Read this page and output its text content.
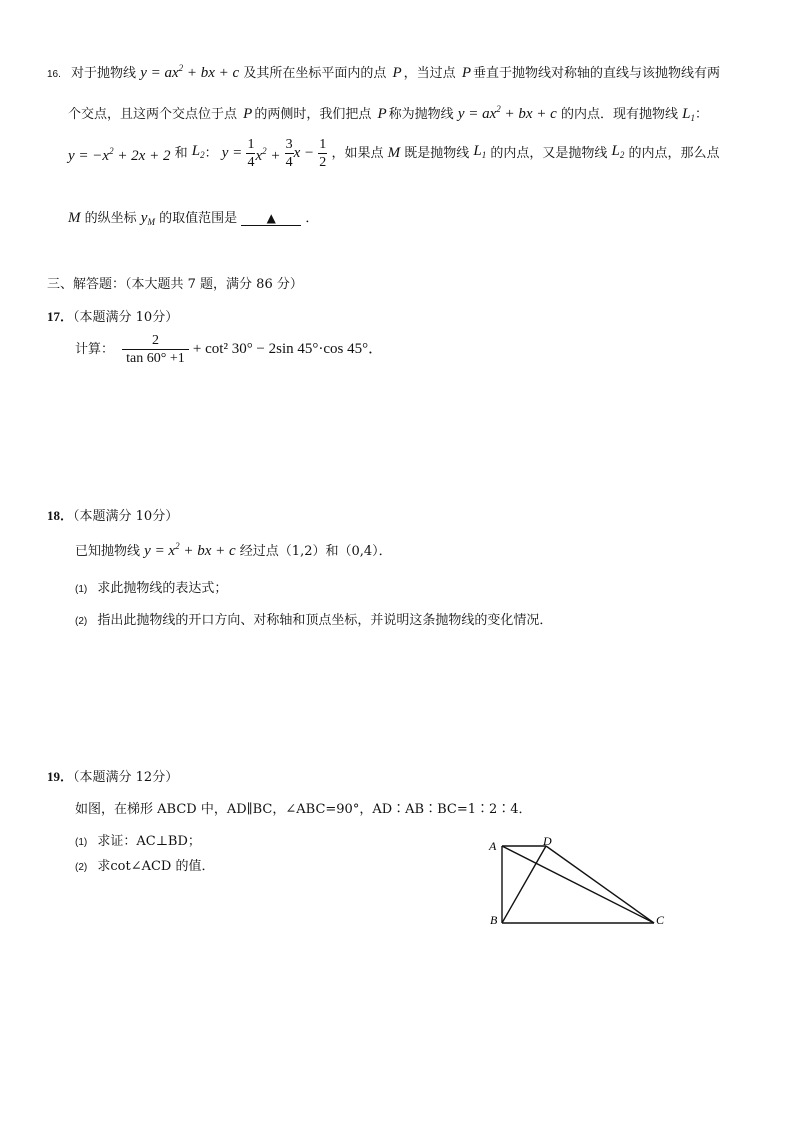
16. 对于抛物线 $y = ax^2$ + bx + c 及其所在坐标平面内的点 P ，当过点 P 垂直于抛物线对称轴的直线与该抛物线有两
个交点，且这两个交点位于点 P 的两侧时，我们把点 P 称为抛物线 $y = ax^2$ + bx + c 的内点．现有抛物线 $L_1$：
$y = -x^2 + 2x + 2$ 和 $L_2$： $y = \frac{1}{4} x^2 + \frac{3}{4}$ $x - \frac{1}{2}$ ，如果点 M 既是抛物线 $L_1$ 的内点，又是抛物线 $L_2$ 的内点，那么点
M 的纵坐标 $y_M$ 的取值范围是 ▲ ．
三、解答题：（本大题共 7 题，满分 86 分）
17．（本题满分 10分）
计算： $\frac{2}{\tan 60^\circ +1} + \cot^2$ 30° − 2sin 45°·cos 45°．
18．（本题满分 10分）
已知抛物线 $y = x^2$ + bx + c 经过点（1,2）和（0,4）．
(1) 求此抛物线的表达式；
(2) 指出此抛物线的开口方向、对称轴和顶点坐标，并说明这条抛物线的变化情况．
19．（本题满分 12分）
如图，在梯形 ABCD 中，AD∥BC，∠ABC=90°，AD∶AB∶BC=1∶2∶4．
(1) 求证：AC⊥BD；
(2) 求cot∠ACD 的值．
A	D
B	C
